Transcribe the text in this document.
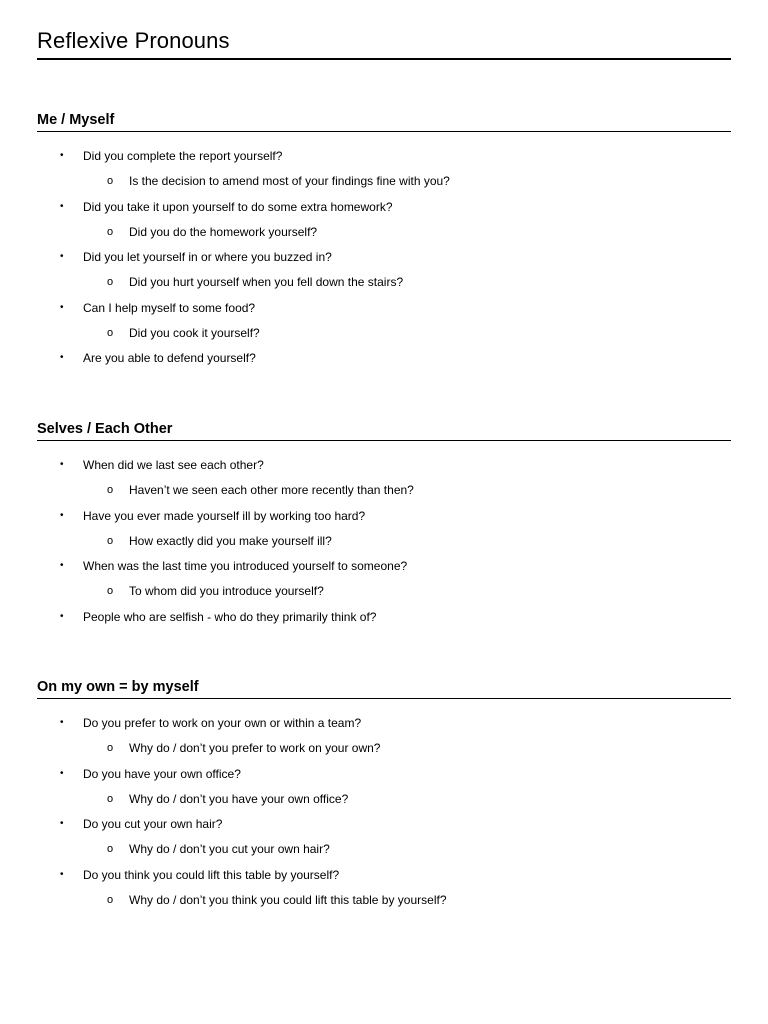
Reflexive Pronouns
Me / Myself
• Did you complete the report yourself?
o Is the decision to amend most of your findings fine with you?
• Did you take it upon yourself to do some extra homework?
o Did you do the homework yourself?
• Did you let yourself in or where you buzzed in?
o Did you hurt yourself when you fell down the stairs?
• Can I help myself to some food?
o Did you cook it yourself?
• Are you able to defend yourself?
Selves / Each Other
• When did we last see each other?
o Haven’t we seen each other more recently than then?
• Have you ever made yourself ill by working too hard?
o How exactly did you make yourself ill?
• When was the last time you introduced yourself to someone?
o To whom did you introduce yourself?
• People who are selfish - who do they primarily think of?
On my own = by myself
• Do you prefer to work on your own or within a team?
o Why do / don’t you prefer to work on your own?
• Do you have your own office?
o Why do / don’t you have your own office?
• Do you cut your own hair?
o Why do / don’t you cut your own hair?
• Do you think you could lift this table by yourself?
o Why do / don’t you think you could lift this table by yourself?
